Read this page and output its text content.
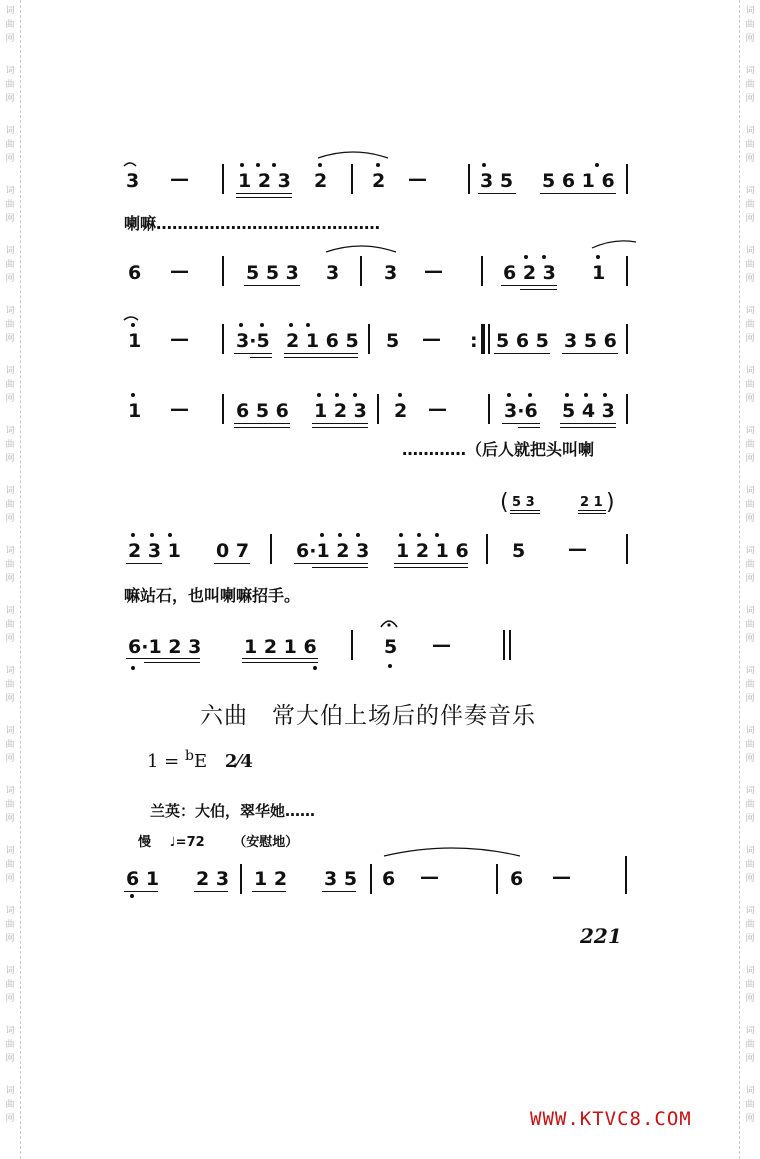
词
曲
网
词
曲
网
词
曲
网
词
曲
网
词
曲
网
词
曲
网
词
曲
网
词
曲
网
词
曲
网
词
曲
网
词
曲
网
词
曲
网
词
曲
网
词
曲
网
词
曲
网
词
曲
网
词
曲
网
词
曲
网
词
曲
网
词
曲
网
词
曲
网
词
曲
网
词
曲
网
词
曲
网
词
曲
网
词
曲
网
词
曲
网
词
曲
网
词
曲
网
词
曲
网
词
曲
网
词
曲
网
词
曲
网
词
曲
网
词
曲
网
词
曲
网
词
曲
网
词
曲
网
3 —	1 2 3 2 2 —	3 5 5 6 1 6
喇嘛……………………………………
6 —	5 5 3 3 3 —	6 2 3 1
1 — 3·5 2 1 6 5 5 — : 5 6 5 3 5 6
1 — 6 5 6 1 2 3 2 —	3·6 5 4 3
…………（后人就把头叫喇
( 5 3	2 1 )
2 3 1 0 7 6·1 2 3 1 2 1 6 5 —
嘛站石，也叫喇嘛招手。
6·1 2 3 1 2 1 6	5 —
六曲　常大伯上场后的伴奏音乐
1 = $^b$E 2⁄4
兰英：大伯，翠华她……
慢 ♩=72 （安慰地）
6 1 2 3 1 2 3 5 6 —	6 —
221
WWW.KTVC8.COM
